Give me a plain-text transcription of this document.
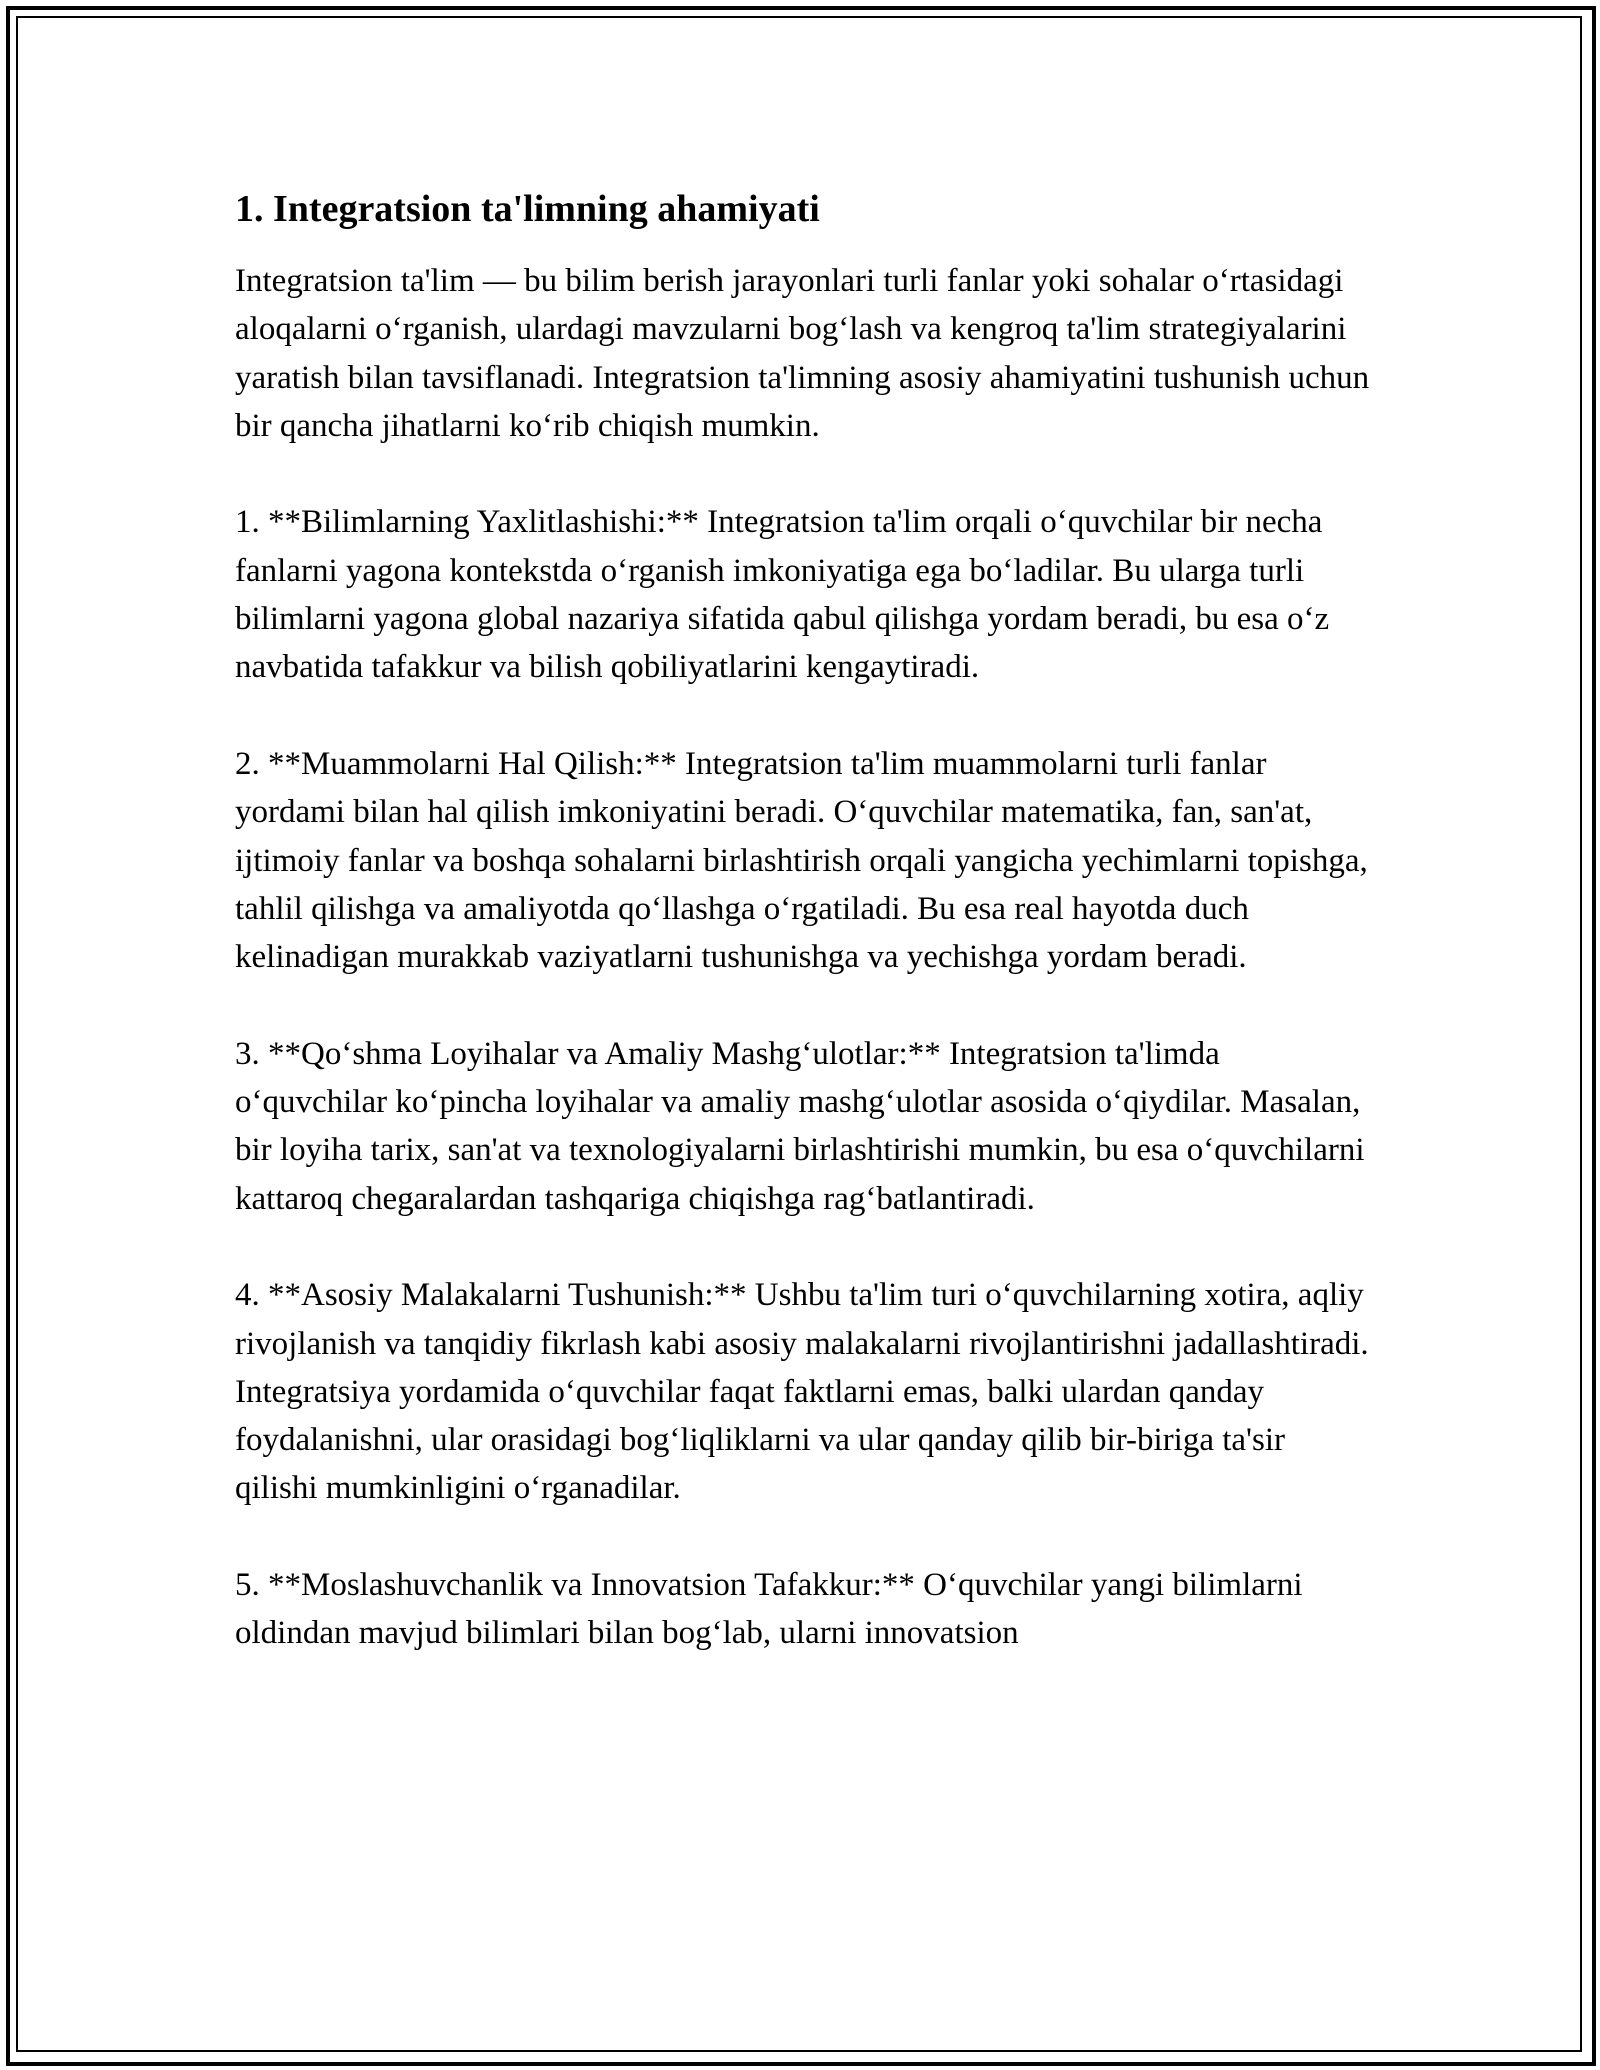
1. Integratsion ta'limning ahamiyati

Integratsion ta'lim — bu bilim berish jarayonlari turli fanlar yoki sohalar o‘rtasidagi aloqalarni o‘rganish, ulardagi mavzularni bog‘lash va kengroq ta'lim strategiyalarini yaratish bilan tavsiflanadi. Integratsion ta'limning asosiy ahamiyatini tushunish uchun bir qancha jihatlarni ko‘rib chiqish mumkin.

1. **Bilimlarning Yaxlitlashishi:** Integratsion ta'lim orqali o‘quvchilar bir necha fanlarni yagona kontekstda o‘rganish imkoniyatiga ega bo‘ladilar. Bu ularga turli bilimlarni yagona global nazariya sifatida qabul qilishga yordam beradi, bu esa o‘z navbatida tafakkur va bilish qobiliyatlarini kengaytiradi.

2. **Muammolarni Hal Qilish:** Integratsion ta'lim muammolarni turli fanlar yordami bilan hal qilish imkoniyatini beradi. O‘quvchilar matematika, fan, san'at, ijtimoiy fanlar va boshqa sohalarni birlashtirish orqali yangicha yechimlarni topishga, tahlil qilishga va amaliyotda qo‘llashga o‘rgatiladi. Bu esa real hayotda duch kelinadigan murakkab vaziyatlarni tushunishga va yechishga yordam beradi.

3. **Qo‘shma Loyihalar va Amaliy Mashg‘ulotlar:** Integratsion ta'limda o‘quvchilar ko‘pincha loyihalar va amaliy mashg‘ulotlar asosida o‘qiydilar. Masalan, bir loyiha tarix, san'at va texnologiyalarni birlashtirishi mumkin, bu esa o‘quvchilarni kattaroq chegaralardan tashqariga chiqishga rag‘batlantiradi.

4. **Asosiy Malakalarni Tushunish:** Ushbu ta'lim turi o‘quvchilarning xotira, aqliy rivojlanish va tanqidiy fikrlash kabi asosiy malakalarni rivojlantirishni jadallashtiradi. Integratsiya yordamida o‘quvchilar faqat faktlarni emas, balki ulardan qanday foydalanishni, ular orasidagi bog‘liqliklarni va ular qanday qilib bir-biriga ta'sir qilishi mumkinligini o‘rganadilar.

5. **Moslashuvchanlik va Innovatsion Tafakkur:** O‘quvchilar yangi bilimlarni oldindan mavjud bilimlari bilan bog‘lab, ularni innovatsion
